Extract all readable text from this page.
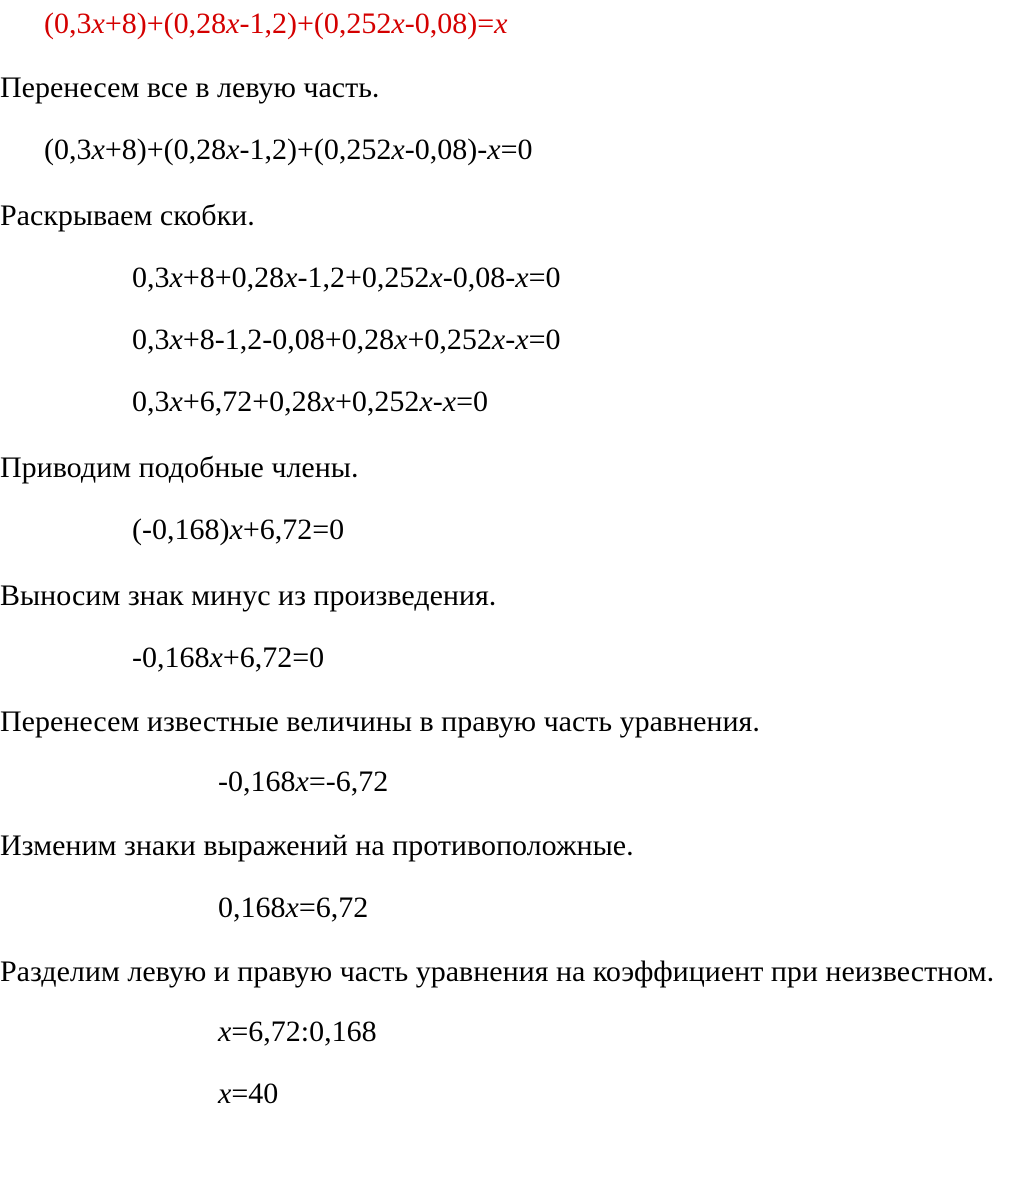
(0,3x+8)+(0,28x-1,2)+(0,252x-0,08)=x
Перенесем все в левую часть.
(0,3x+8)+(0,28x-1,2)+(0,252x-0,08)-x=0
Раскрываем скобки.
0,3x+8+0,28x-1,2+0,252x-0,08-x=0
0,3x+8-1,2-0,08+0,28x+0,252x-x=0
0,3x+6,72+0,28x+0,252x-x=0
Приводим подобные члены.
(-0,168)x+6,72=0
Выносим знак минус из произведения.
-0,168x+6,72=0
Перенесем известные величины в правую часть уравнения.
-0,168x=-6,72
Изменим знаки выражений на противоположные.
0,168x=6,72
Разделим левую и правую часть уравнения на коэффициент при неизвестном.
x=6,72:0,168
x=40
